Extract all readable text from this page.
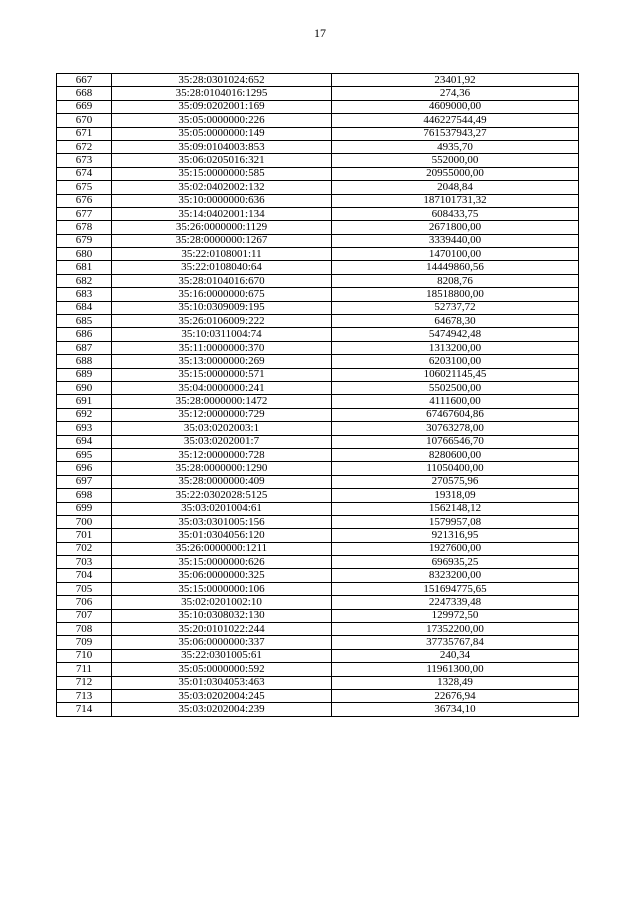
17
667	35:28:0301024:652	23401,92
668	35:28:0104016:1295	274,36
669	35:09:0202001:169	4609000,00
670	35:05:0000000:226	446227544,49
671	35:05:0000000:149	761537943,27
672	35:09:0104003:853	4935,70
673	35:06:0205016:321	552000,00
674	35:15:0000000:585	20955000,00
675	35:02:0402002:132	2048,84
676	35:10:0000000:636	187101731,32
677	35:14:0402001:134	608433,75
678	35:26:0000000:1129	2671800,00
679	35:28:0000000:1267	3339440,00
680	35:22:0108001:11	1470100,00
681	35:22:0108040:64	14449860,56
682	35:28:0104016:670	8208,76
683	35:16:0000000:675	18518800,00
684	35:10:0309009:195	52737,72
685	35:26:0106009:222	64678,30
686	35:10:0311004:74	5474942,48
687	35:11:0000000:370	1313200,00
688	35:13:0000000:269	6203100,00
689	35:15:0000000:571	106021145,45
690	35:04:0000000:241	5502500,00
691	35:28:0000000:1472	4111600,00
692	35:12:0000000:729	67467604,86
693	35:03:0202003:1	30763278,00
694	35:03:0202001:7	10766546,70
695	35:12:0000000:728	8280600,00
696	35:28:0000000:1290	11050400,00
697	35:28:0000000:409	270575,96
698	35:22:0302028:5125	19318,09
699	35:03:0201004:61	1562148,12
700	35:03:0301005:156	1579957,08
701	35:01:0304056:120	921316,95
702	35:26:0000000:1211	1927600,00
703	35:15:0000000:626	696935,25
704	35:06:0000000:325	8323200,00
705	35:15:0000000:106	151694775,65
706	35:02:0201002:10	2247339,48
707	35:10:0308032:130	129972,50
708	35:20:0101022:244	17352200,00
709	35:06:0000000:337	37735767,84
710	35:22:0301005:61	240,34
711	35:05:0000000:592	11961300,00
712	35:01:0304053:463	1328,49
713	35:03:0202004:245	22676,94
714	35:03:0202004:239	36734,10
